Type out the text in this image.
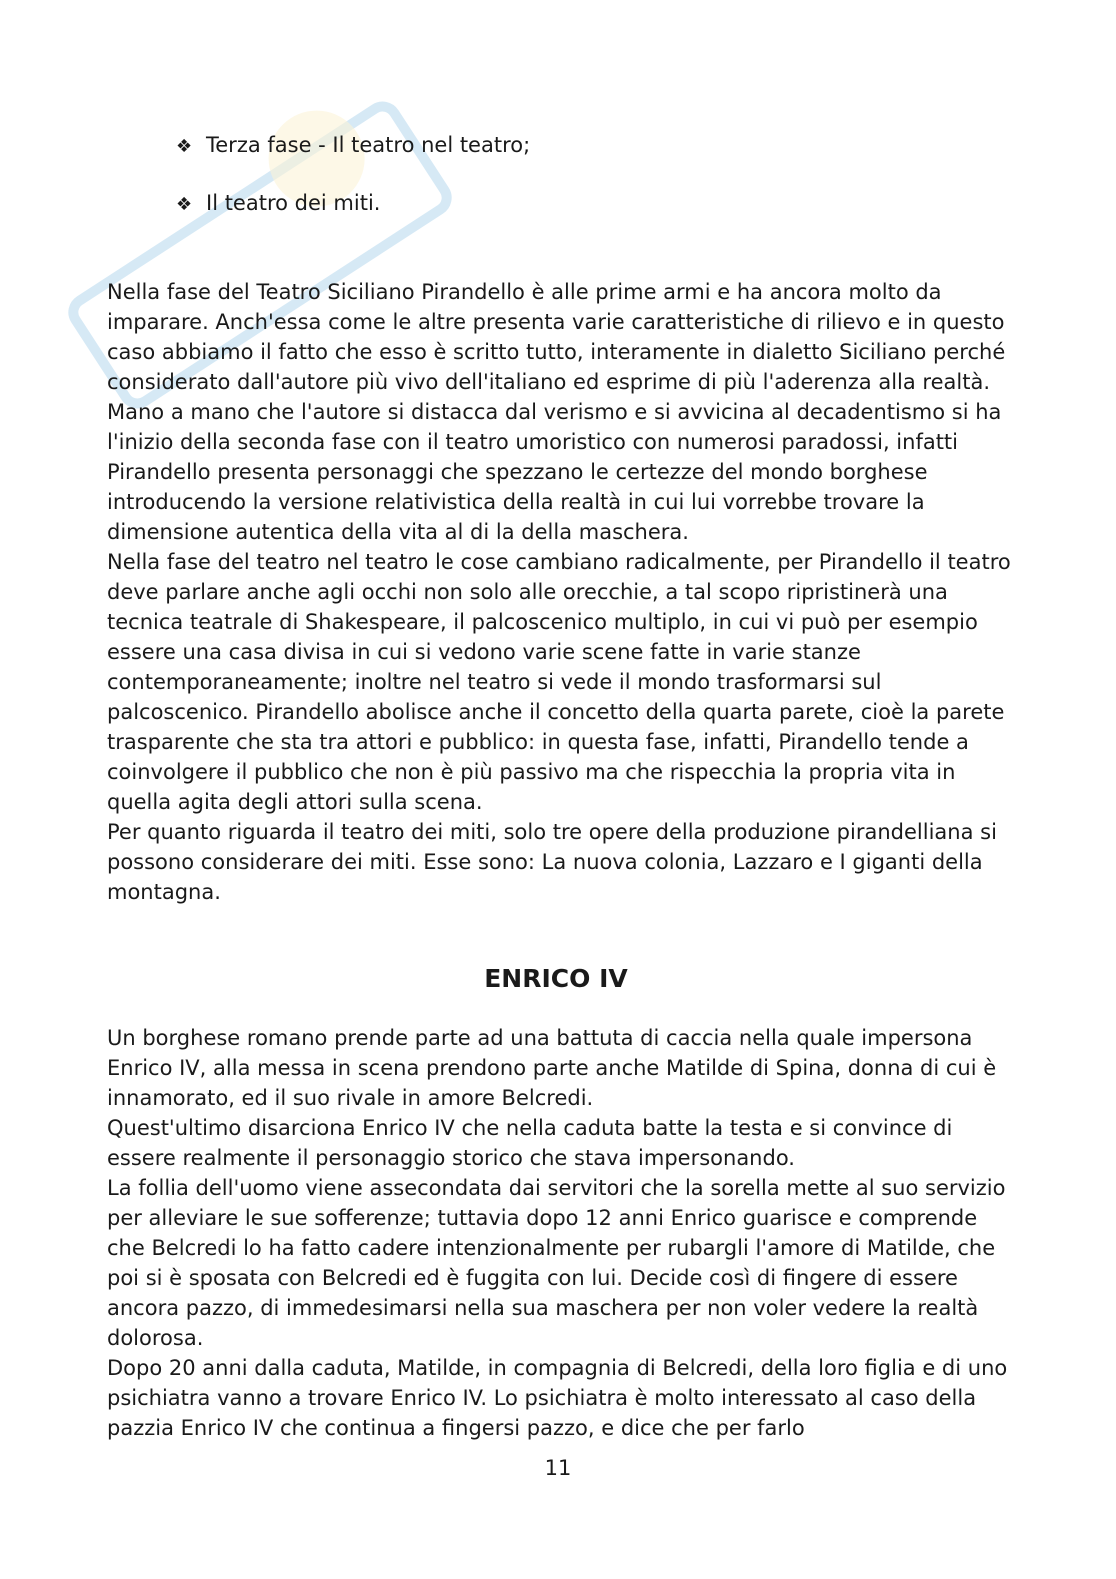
❖ Terza fase - Il teatro nel teatro;
❖ Il teatro dei miti.

Nella fase del Teatro Siciliano Pirandello è alle prime armi e ha ancora molto da imparare. Anch'essa come le altre presenta varie caratteristiche di rilievo e in questo caso abbiamo il fatto che esso è scritto tutto, interamente in dialetto Siciliano perché considerato dall'autore più vivo dell'italiano ed esprime di più l'aderenza alla realtà.

Mano a mano che l'autore si distacca dal verismo e si avvicina al decadentismo si ha l'inizio della seconda fase con il teatro umoristico con numerosi paradossi, infatti Pirandello presenta personaggi che spezzano le certezze del mondo borghese introducendo la versione relativistica della realtà in cui lui vorrebbe trovare la dimensione autentica della vita al di la della maschera.

Nella fase del teatro nel teatro le cose cambiano radicalmente, per Pirandello il teatro deve parlare anche agli occhi non solo alle orecchie, a tal scopo ripristinerà una tecnica teatrale di Shakespeare, il palcoscenico multiplo, in cui vi può per esempio essere una casa divisa in cui si vedono varie scene fatte in varie stanze contemporaneamente; inoltre nel teatro si vede il mondo trasformarsi sul palcoscenico. Pirandello abolisce anche il concetto della quarta parete, cioè la parete trasparente che sta tra attori e pubblico: in questa fase, infatti, Pirandello tende a coinvolgere il pubblico che non è più passivo ma che rispecchia la propria vita in quella agita degli attori sulla scena.

Per quanto riguarda il teatro dei miti, solo tre opere della produzione pirandelliana si possono considerare dei miti. Esse sono: La nuova colonia, Lazzaro e I giganti della montagna.

ENRICO IV

Un borghese romano prende parte ad una battuta di caccia nella quale impersona Enrico IV, alla messa in scena prendono parte anche Matilde di Spina, donna di cui è innamorato, ed il suo rivale in amore Belcredi.

Quest'ultimo disarciona Enrico IV che nella caduta batte la testa e si convince di essere realmente il personaggio storico che stava impersonando.

La follia dell'uomo viene assecondata dai servitori che la sorella mette al suo servizio per alleviare le sue sofferenze; tuttavia dopo 12 anni Enrico guarisce e comprende che Belcredi lo ha fatto cadere intenzionalmente per rubargli l'amore di Matilde, che poi si è sposata con Belcredi ed è fuggita con lui. Decide così di fingere di essere ancora pazzo, di immedesimarsi nella sua maschera per non voler vedere la realtà dolorosa.

Dopo 20 anni dalla caduta, Matilde, in compagnia di Belcredi, della loro figlia e di uno psichiatra vanno a trovare Enrico IV. Lo psichiatra è molto interessato al caso della pazzia Enrico IV che continua a fingersi pazzo, e dice che per farlo

11
